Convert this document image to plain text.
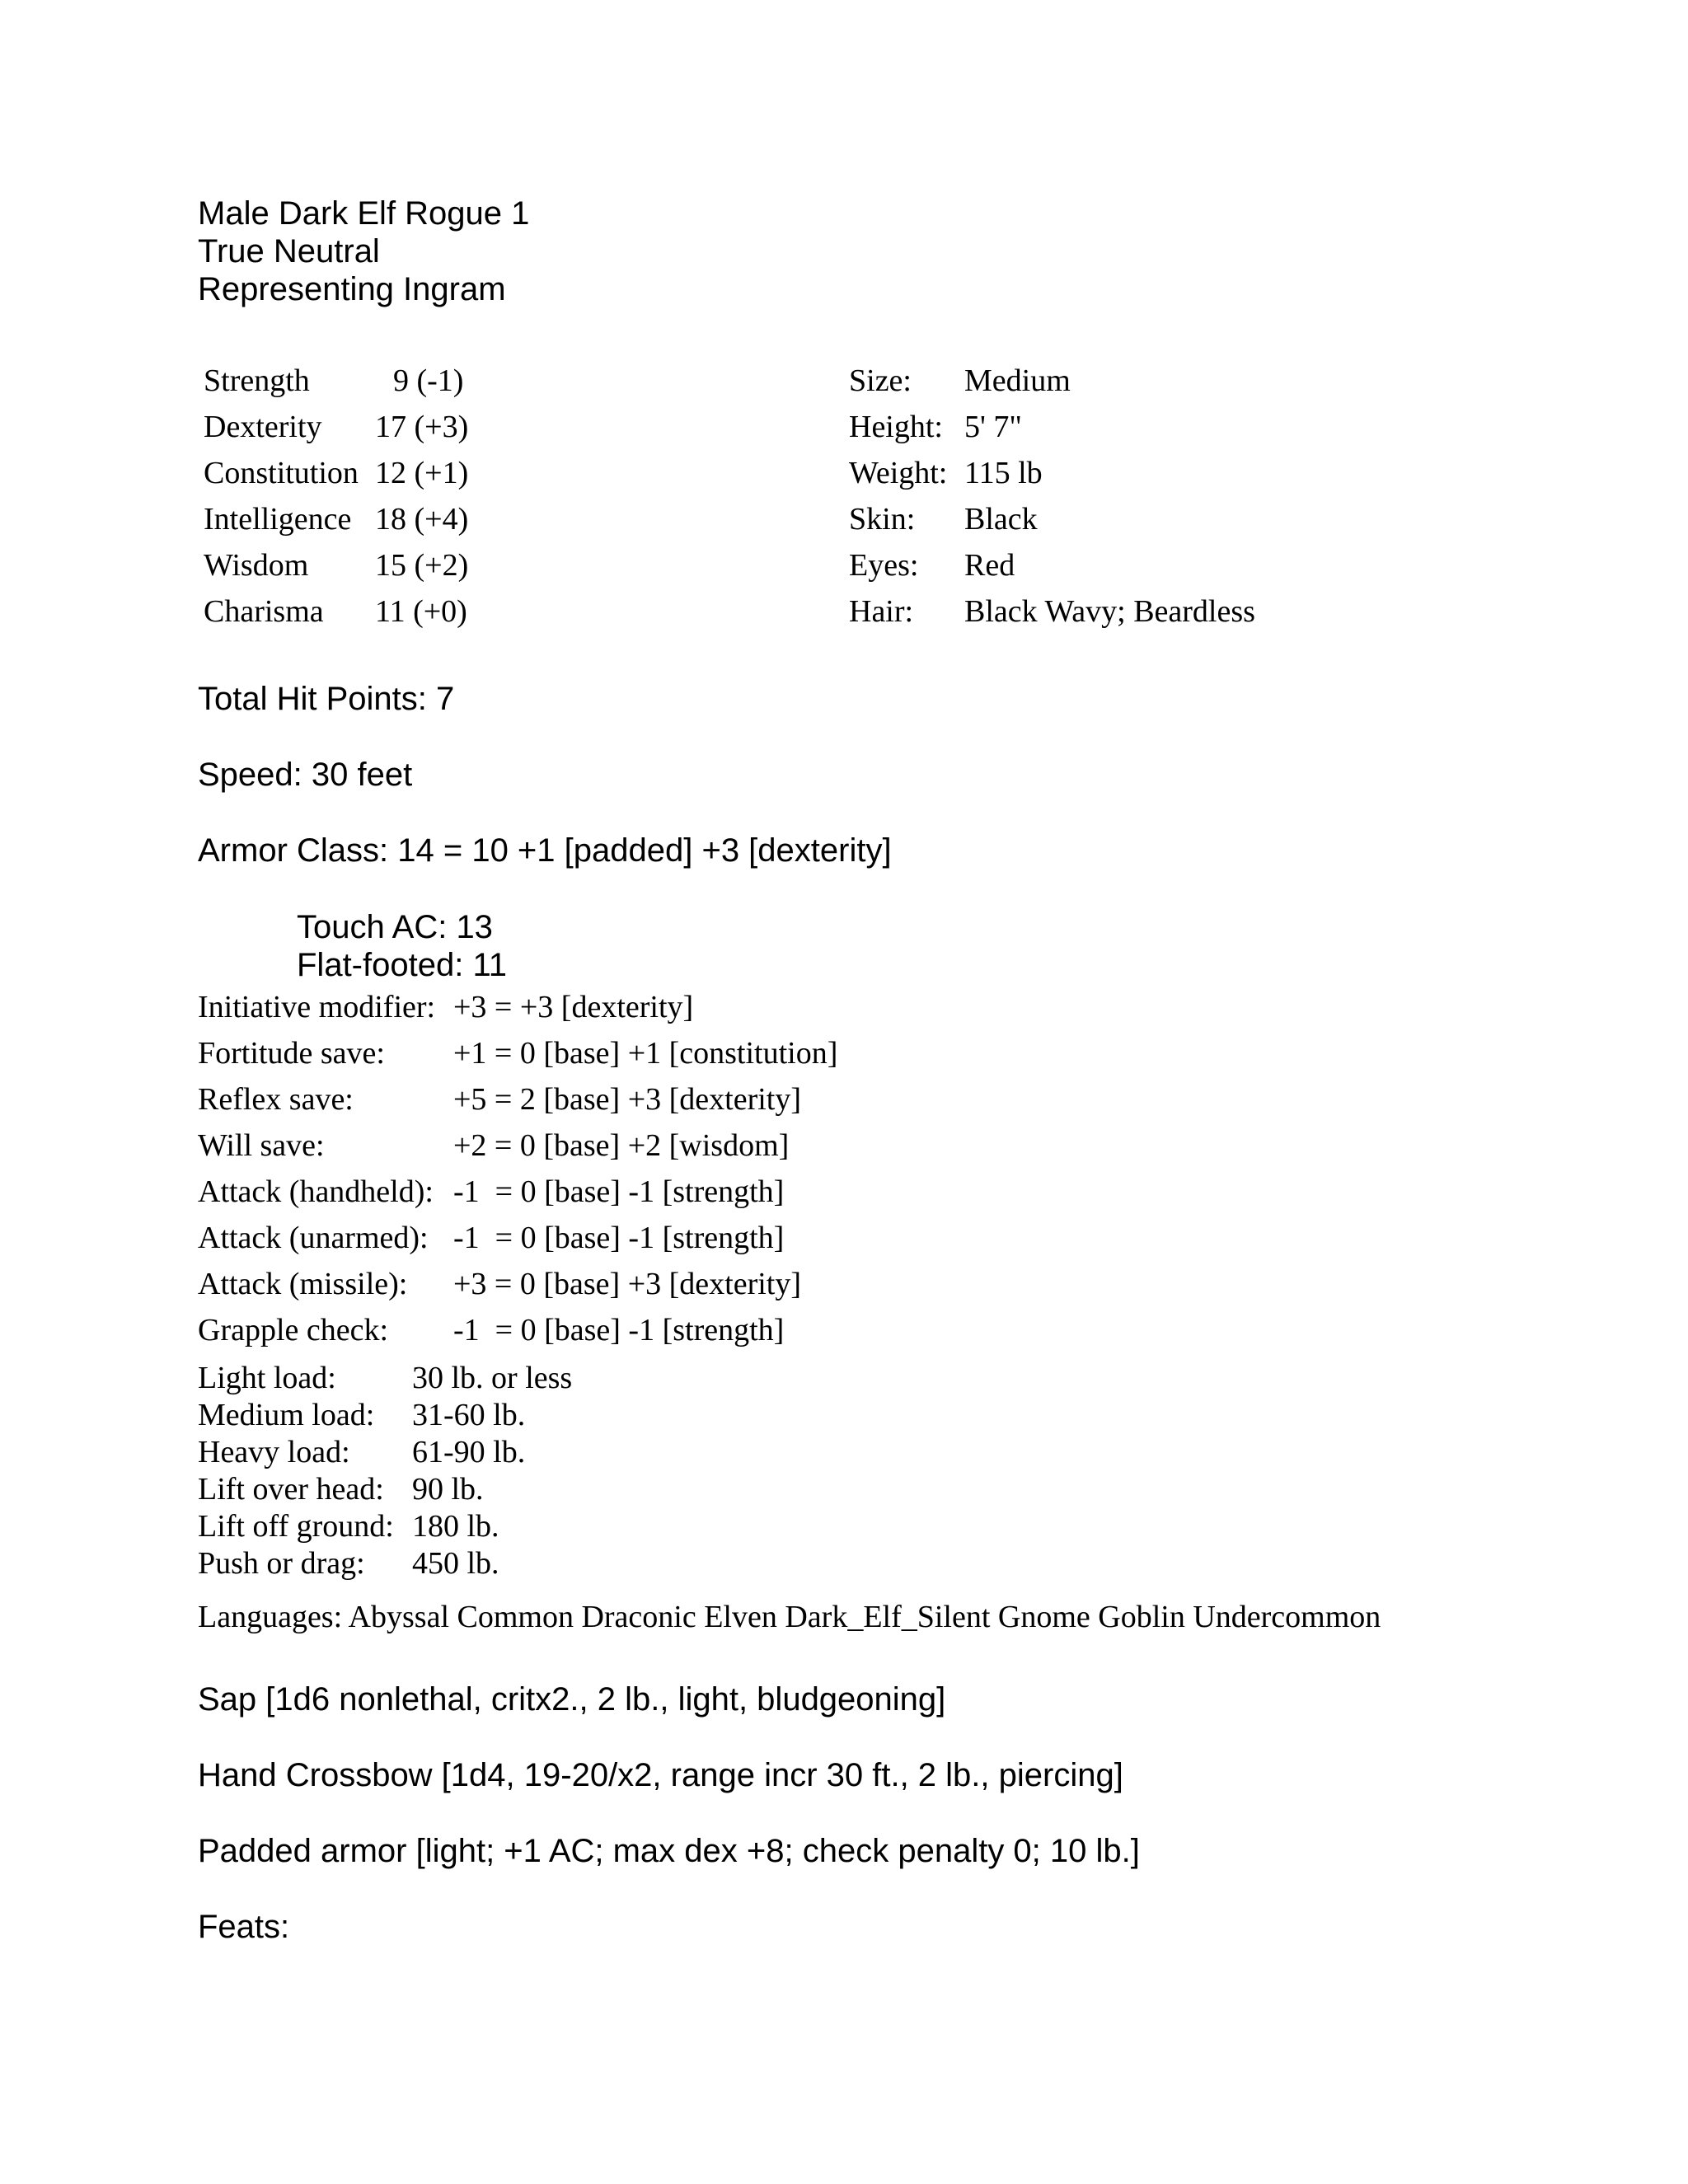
Male Dark Elf Rogue 1
True Neutral
Representing Ingram
Strength	9 (-1)
Dexterity	17 (+3)
Constitution 12 (+1)
Intelligence 18 (+4)
Wisdom	15 (+2)
Charisma	11 (+0)
Size:	Medium
Height: 5' 7"
Weight: 115 lb
Skin:	Black
Eyes:	Red
Hair:	Black Wavy; Beardless
Total Hit Points: 7
Speed: 30 feet
Armor Class: 14 = 10 +1 [padded] +3 [dexterity]
Touch AC: 13
Flat-footed: 11
Initiative modifier: +3 = +3 [dexterity]
Fortitude save:	+1 = 0 [base] +1 [constitution]
Reflex save:	+5 = 2 [base] +3 [dexterity]
Will save:	+2 = 0 [base] +2 [wisdom]
Attack (handheld): -1  = 0 [base] -1 [strength]
Attack (unarmed): -1  = 0 [base] -1 [strength]
Attack (missile):	+3 = 0 [base] +3 [dexterity]
Grapple check:	-1  = 0 [base] -1 [strength]
Light load:	30 lb. or less
Medium load:	31-60 lb.
Heavy load:	61-90 lb.
Lift over head: 90 lb.
Lift off ground: 180 lb.
Push or drag:	450 lb.
Languages: Abyssal Common Draconic Elven Dark_Elf_Silent Gnome Goblin Undercommon
Sap [1d6 nonlethal, critx2., 2 lb., light, bludgeoning]
Hand Crossbow [1d4, 19-20/x2, range incr 30 ft., 2 lb., piercing]
Padded armor [light; +1 AC; max dex +8; check penalty 0; 10 lb.]
Feats:
